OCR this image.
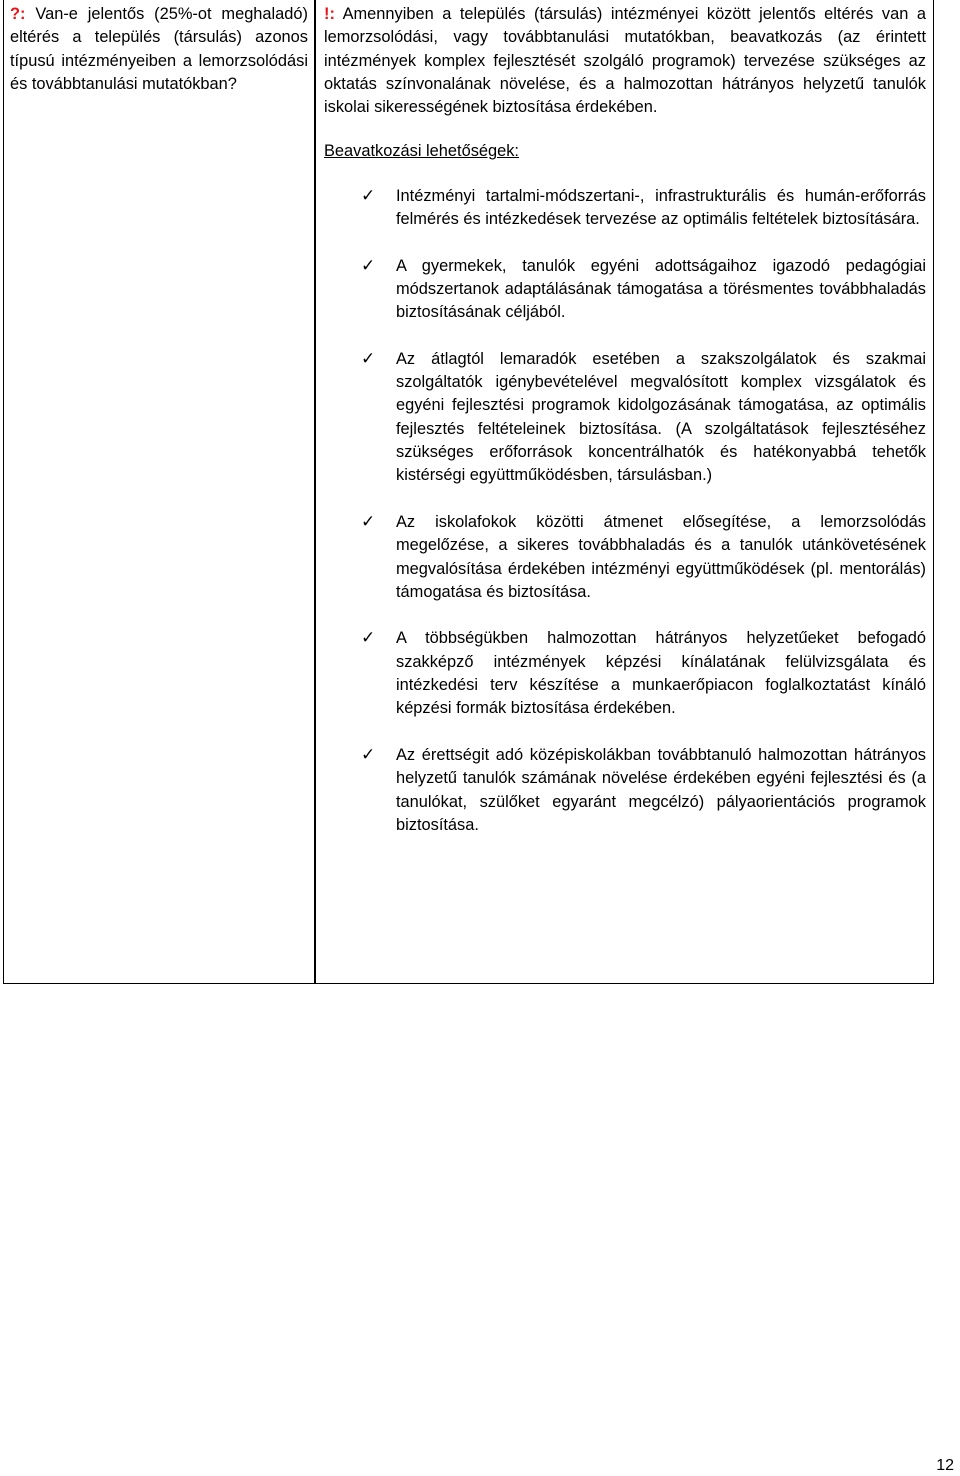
?: Van-e jelentős (25%-ot meghaladó) eltérés a település (társulás) azonos típusú intézményeiben a lemorzsolódási és továbbtanulási mutatókban?
!: Amennyiben a település (társulás) intézményei között jelentős eltérés van a lemorzsolódási, vagy továbbtanulási mutatókban, beavatkozás (az érintett intézmények komplex fejlesztését szolgáló programok) tervezése szükséges az oktatás színvonalának növelése, és a halmozottan hátrányos helyzetű tanulók iskolai sikerességének biztosítása érdekében.
Beavatkozási lehetőségek:
✓ Intézményi tartalmi-módszertani-, infrastrukturális és humán-erőforrás felmérés és intézkedések tervezése az optimális feltételek biztosítására.
✓ A gyermekek, tanulók egyéni adottságaihoz igazodó pedagógiai módszertanok adaptálásának támogatása a törésmentes továbbhaladás biztosításának céljából.
✓ Az átlagtól lemaradók esetében a szakszolgálatok és szakmai szolgáltatók igénybevételével megvalósított komplex vizsgálatok és egyéni fejlesztési programok kidolgozásának támogatása, az optimális fejlesztés feltételeinek biztosítása. (A szolgáltatások fejlesztéséhez szükséges erőforrások koncentrálhatók és hatékonyabbá tehetők kistérségi együttműködésben, társulásban.)
✓ Az iskolafokok közötti átmenet elősegítése, a lemorzsolódás megelőzése, a sikeres továbbhaladás és a tanulók utánkövetésének megvalósítása érdekében intézményi együttműködések (pl. mentorálás) támogatása és biztosítása.
✓ A többségükben halmozottan hátrányos helyzetűeket befogadó szakképző intézmények képzési kínálatának felülvizsgálata és intézkedési terv készítése a munkaerőpiacon foglalkoztatást kínáló képzési formák biztosítása érdekében.
✓ Az érettségit adó középiskolákban továbbtanuló halmozottan hátrányos helyzetű tanulók számának növelése érdekében egyéni fejlesztési és (a tanulókat, szülőket egyaránt megcélzó) pályaorientációs programok biztosítása.
12
